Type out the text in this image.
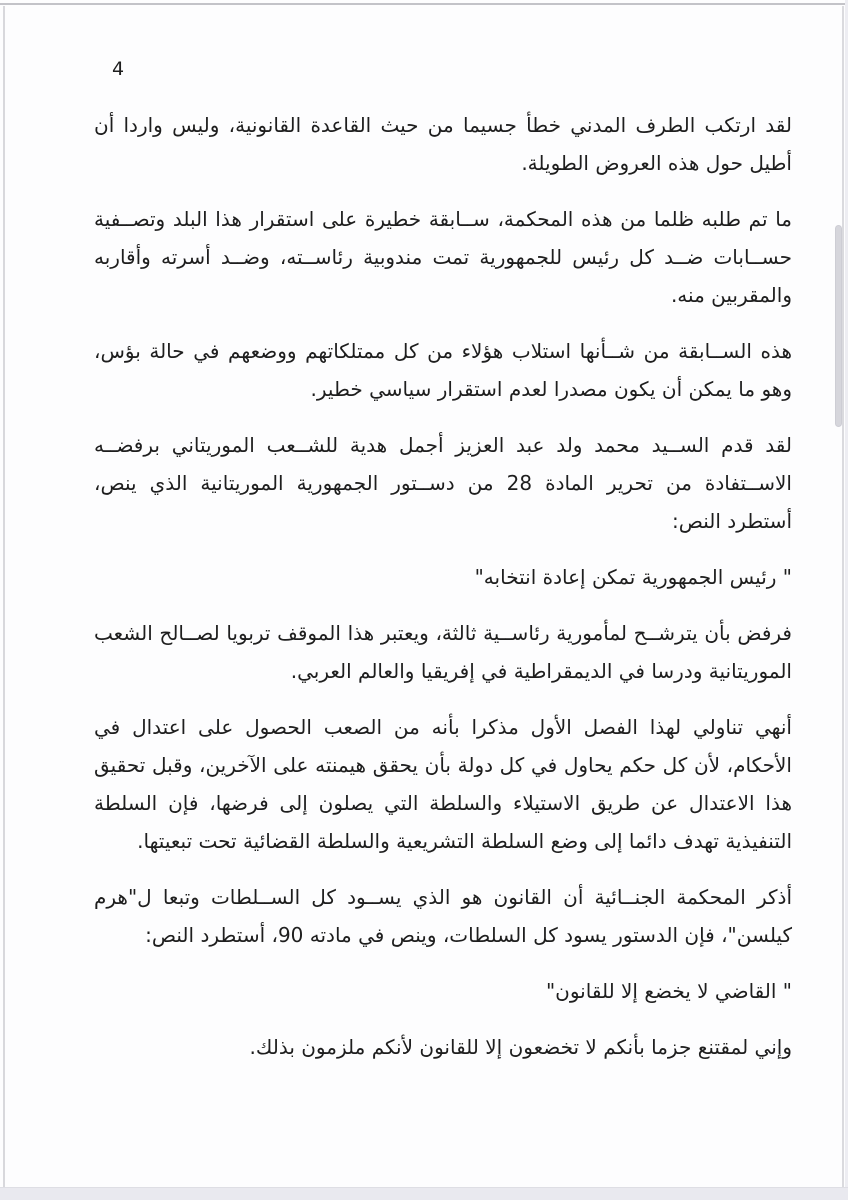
4

لقد ارتكب الطرف المدني خطأ جسيما من حيث القاعدة القانونية، وليس واردا أن أطيل حول هذه العروض الطويلة.

ما تم طلبه ظلما من هذه المحكمة، ســابقة خطيرة على استقرار هذا البلد وتصــفية حســابات ضــد كل رئيس للجمهورية تمت مندوبية رئاســته، وضــد أسرته وأقاربه والمقربين منه.

هذه الســابقة من شــأنها استلاب هؤلاء من كل ممتلكاتهم ووضعهم في حالة بؤس، وهو ما يمكن أن يكون مصدرا لعدم استقرار سياسي خطير.

لقد قدم الســيد محمد ولد عبد العزيز أجمل هدية للشــعب الموريتاني برفضــه الاســتفادة من تحرير المادة 28 من دســتور الجمهورية الموريتانية الذي ينص، أستطرد النص:

" رئيس الجمهورية تمكن إعادة انتخابه"

فرفض بأن يترشــح لمأمورية رئاســية ثالثة، ويعتبر هذا الموقف تربويا لصــالح الشعب الموريتانية ودرسا في الديمقراطية في إفريقيا والعالم العربي.

أنهي تناولي لهذا الفصل الأول مذكرا بأنه من الصعب الحصول على اعتدال في الأحكام، لأن كل حكم يحاول في كل دولة بأن يحقق هيمنته على الآخرين، وقبل تحقيق هذا الاعتدال عن طريق الاستيلاء والسلطة التي يصلون إلى فرضها، فإن السلطة التنفيذية تهدف دائما إلى وضع السلطة التشريعية والسلطة القضائية تحت تبعيتها.

أذكر المحكمة الجنــائية أن القانون هو الذي يســود كل الســلطات وتبعا ل"هرم كيلسن"، فإن الدستور يسود كل السلطات، وينص في مادته 90، أستطرد النص:

" القاضي لا يخضع إلا للقانون"

وإني لمقتنع جزما بأنكم لا تخضعون إلا للقانون لأنكم ملزمون بذلك.
